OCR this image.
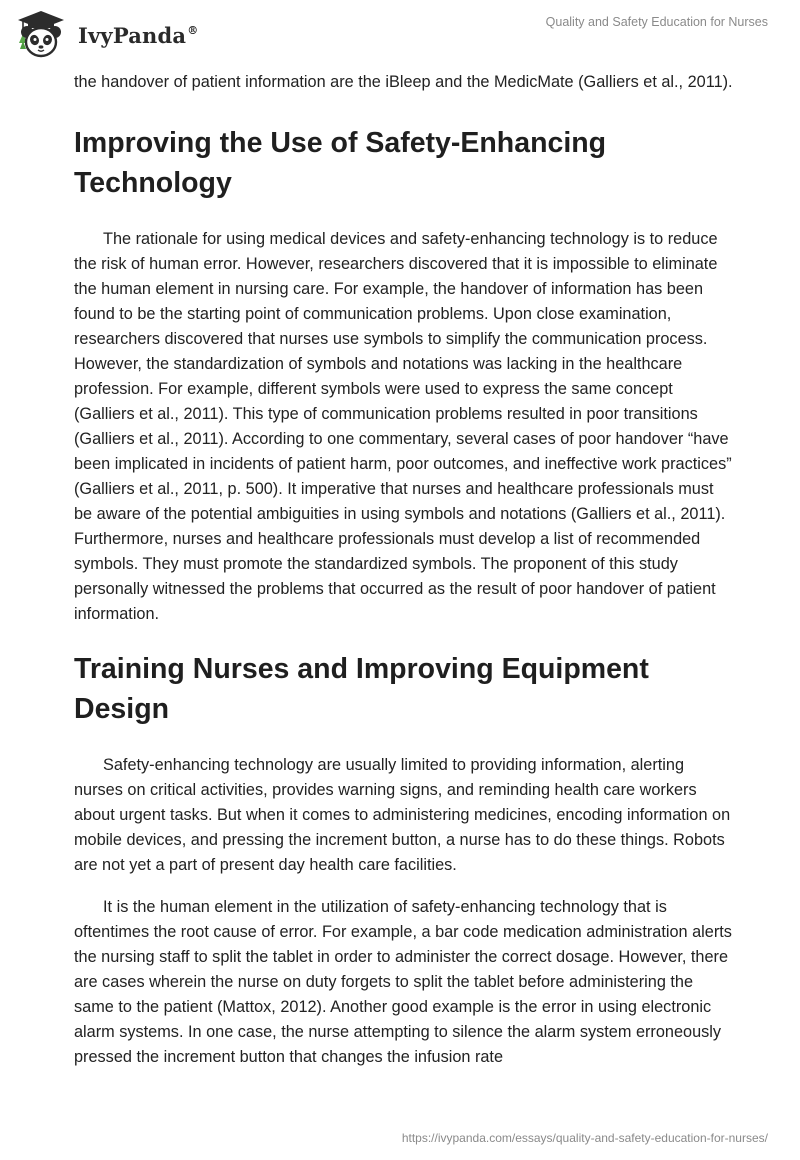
IvyPanda®
Quality and Safety Education for Nurses

the handover of patient information are the iBleep and the MedicMate (Galliers et al., 2011).

Improving the Use of Safety-Enhancing Technology

The rationale for using medical devices and safety-enhancing technology is to reduce the risk of human error. However, researchers discovered that it is impossible to eliminate the human element in nursing care. For example, the handover of information has been found to be the starting point of communication problems. Upon close examination, researchers discovered that nurses use symbols to simplify the communication process. However, the standardization of symbols and notations was lacking in the healthcare profession. For example, different symbols were used to express the same concept (Galliers et al., 2011). This type of communication problems resulted in poor transitions (Galliers et al., 2011). According to one commentary, several cases of poor handover “have been implicated in incidents of patient harm, poor outcomes, and ineffective work practices” (Galliers et al., 2011, p. 500). It imperative that nurses and healthcare professionals must be aware of the potential ambiguities in using symbols and notations (Galliers et al., 2011). Furthermore, nurses and healthcare professionals must develop a list of recommended symbols. They must promote the standardized symbols. The proponent of this study personally witnessed the problems that occurred as the result of poor handover of patient information.

Training Nurses and Improving Equipment Design

Safety-enhancing technology are usually limited to providing information, alerting nurses on critical activities, provides warning signs, and reminding health care workers about urgent tasks. But when it comes to administering medicines, encoding information on mobile devices, and pressing the increment button, a nurse has to do these things. Robots are not yet a part of present day health care facilities.

It is the human element in the utilization of safety-enhancing technology that is oftentimes the root cause of error. For example, a bar code medication administration alerts the nursing staff to split the tablet in order to administer the correct dosage. However, there are cases wherein the nurse on duty forgets to split the tablet before administering the same to the patient (Mattox, 2012). Another good example is the error in using electronic alarm systems. In one case, the nurse attempting to silence the alarm system erroneously pressed the increment button that changes the infusion rate

https://ivypanda.com/essays/quality-and-safety-education-for-nurses/
